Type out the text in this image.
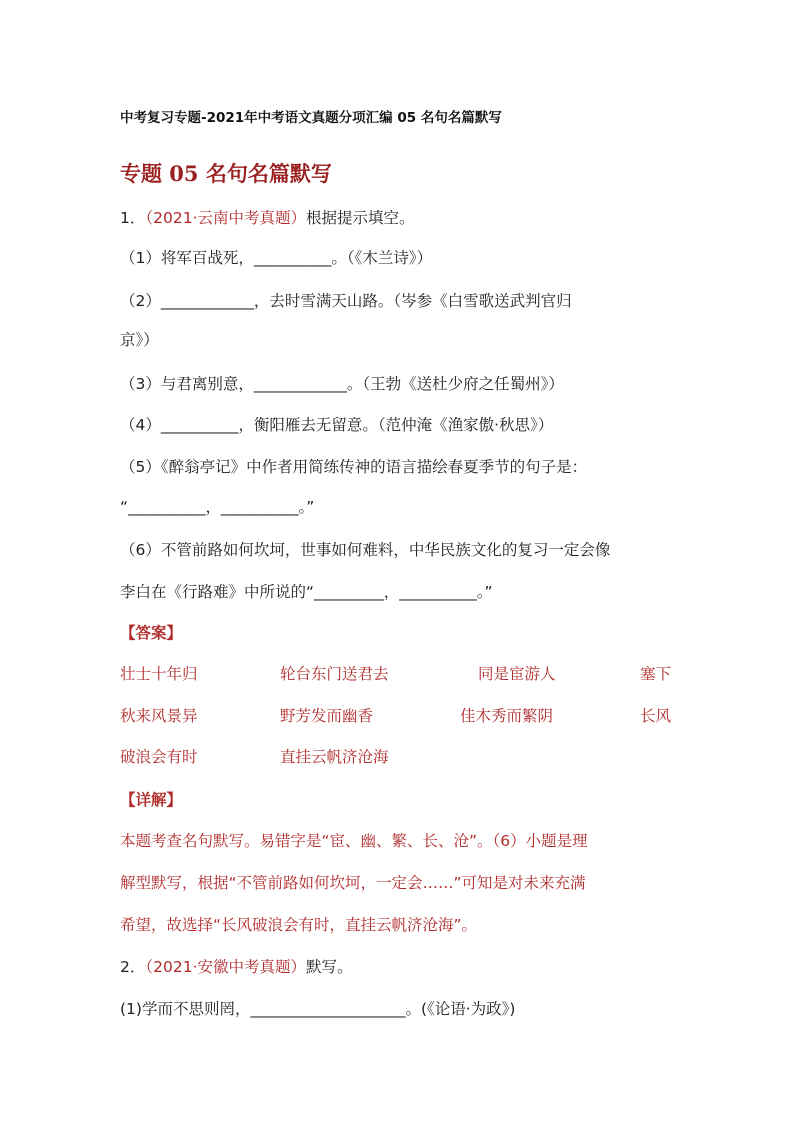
中考复习专题-2021年中考语文真题分项汇编 05 名句名篇默写
专题 05 名句名篇默写
1．（2021·云南中考真题）根据提示填空。
（1）将军百战死，__________。（《木兰诗》）
（2）____________，去时雪满天山路。（岑参《白雪歌送武判官归
京》）
（3）与君离别意，____________。（王勃《送杜少府之任蜀州》）
（4）__________，衡阳雁去无留意。（范仲淹《渔家傲·秋思》）
（5）《醉翁亭记》中作者用简练传神的语言描绘春夏季节的句子是：
“__________，__________。”
（6）不管前路如何坎坷，世事如何难料，中华民族文化的复习一定会像
李白在《行路难》中所说的“_________，__________。”
【答案】
壮士十年归	轮台东门送君去	同是宦游人	塞下
秋来风景异	野芳发而幽香	佳木秀而繁阴	长风
破浪会有时	直挂云帆济沧海
【详解】
本题考查名句默写。易错字是“宦、幽、繁、长、沧”。（6）小题是理
解型默写，根据“不管前路如何坎坷，一定会……”可知是对未来充满
希望，故选择“长风破浪会有时，直挂云帆济沧海”。
2．（2021·安徽中考真题）默写。
(1)学而不思则罔，____________________。(《论语·为政》)
